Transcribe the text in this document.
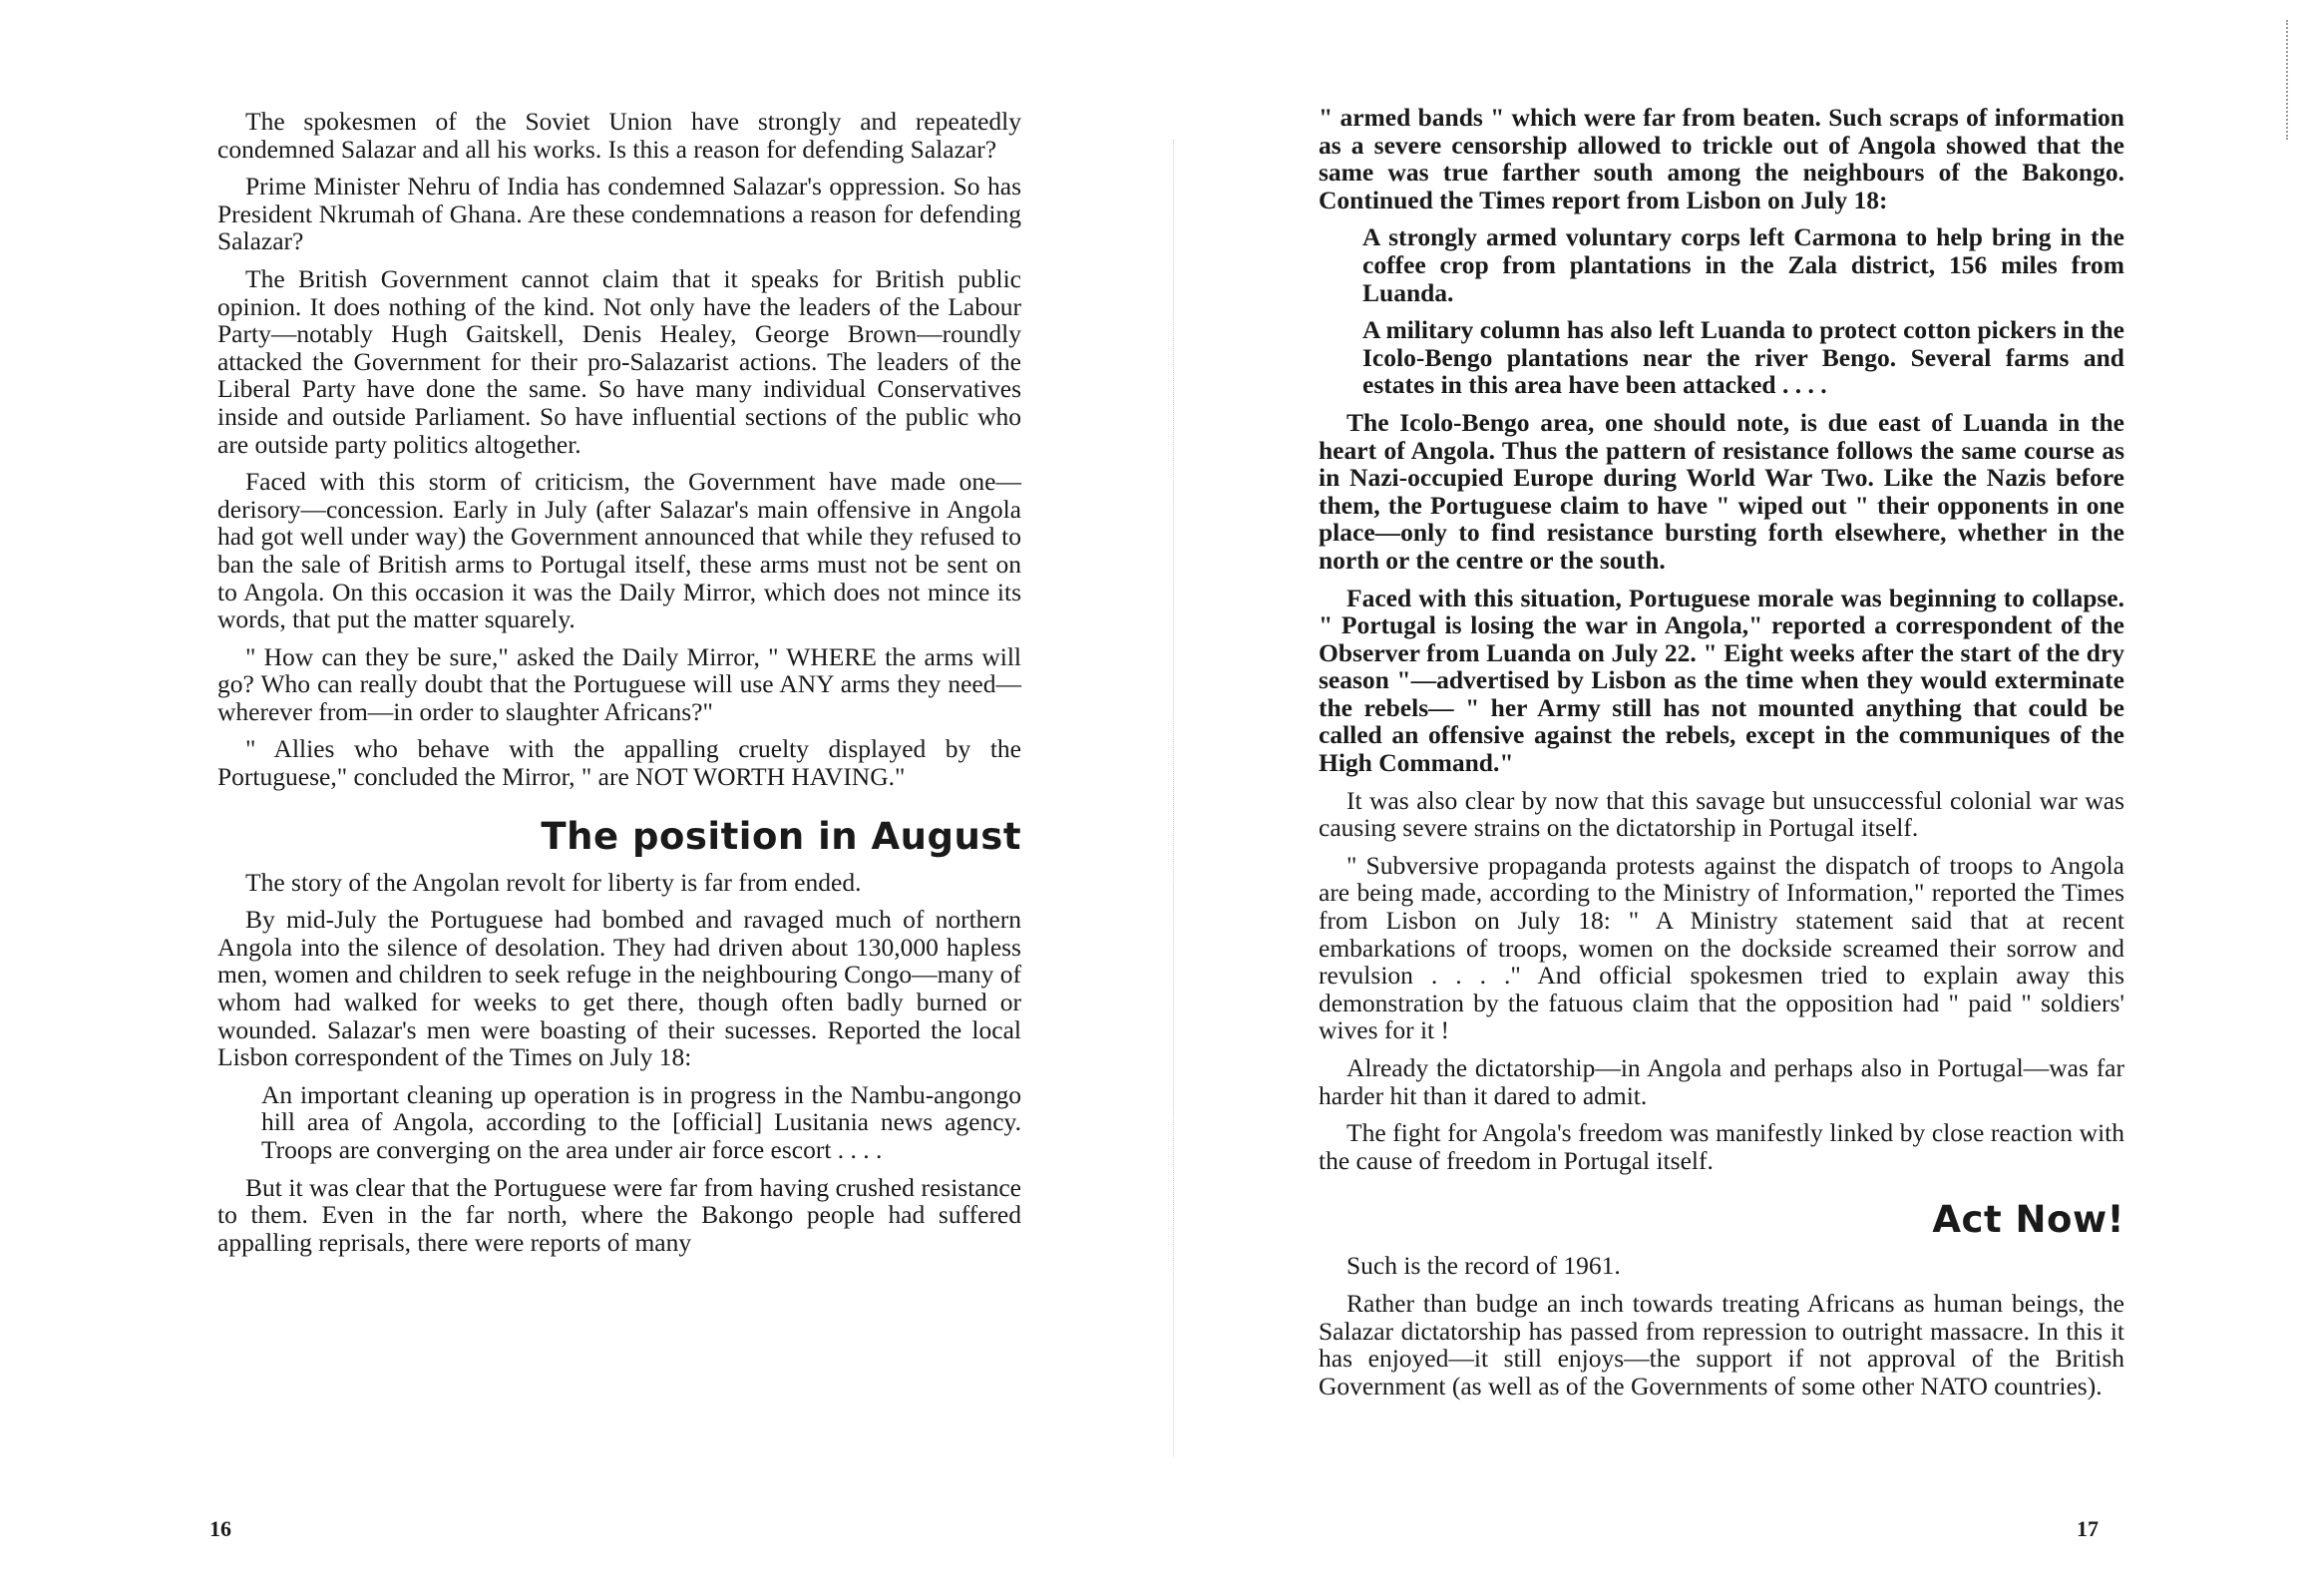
The spokesmen of the Soviet Union have strongly and repeatedly condemned Salazar and all his works. Is this a reason for defending Salazar?

Prime Minister Nehru of India has condemned Salazar's oppression. So has President Nkrumah of Ghana. Are these condemnations a reason for defending Salazar?

The British Government cannot claim that it speaks for British public opinion. It does nothing of the kind. Not only have the leaders of the Labour Party—notably Hugh Gaitskell, Denis Healey, George Brown—roundly attacked the Government for their pro-Salazarist actions. The leaders of the Liberal Party have done the same. So have many individual Conservatives inside and outside Parliament. So have influential sections of the public who are outside party politics altogether.

Faced with this storm of criticism, the Government have made one—derisory—concession. Early in July (after Salazar's main offensive in Angola had got well under way) the Government announced that while they refused to ban the sale of British arms to Portugal itself, these arms must not be sent on to Angola. On this occasion it was the Daily Mirror, which does not mince its words, that put the matter squarely.

" How can they be sure," asked the Daily Mirror, " WHERE the arms will go? Who can really doubt that the Portuguese will use ANY arms they need—wherever from—in order to slaughter Africans?"

" Allies who behave with the appalling cruelty displayed by the Portuguese," concluded the Mirror, " are NOT WORTH HAVING."

The position in August

The story of the Angolan revolt for liberty is far from ended.

By mid-July the Portuguese had bombed and ravaged much of northern Angola into the silence of desolation. They had driven about 130,000 hapless men, women and children to seek refuge in the neighbouring Congo—many of whom had walked for weeks to get there, though often badly burned or wounded. Salazar's men were boasting of their sucesses. Reported the local Lisbon correspondent of the Times on July 18:

An important cleaning up operation is in progress in the Nambu-angongo hill area of Angola, according to the [official] Lusitania news agency. Troops are converging on the area under air force escort . . . .

But it was clear that the Portuguese were far from having crushed resistance to them. Even in the far north, where the Bakongo people had suffered appalling reprisals, there were reports of many

16

" armed bands " which were far from beaten. Such scraps of information as a severe censorship allowed to trickle out of Angola showed that the same was true farther south among the neighbours of the Bakongo. Continued the Times report from Lisbon on July 18:

A strongly armed voluntary corps left Carmona to help bring in the coffee crop from plantations in the Zala district, 156 miles from Luanda.

A military column has also left Luanda to protect cotton pickers in the Icolo-Bengo plantations near the river Bengo. Several farms and estates in this area have been attacked . . . .

The Icolo-Bengo area, one should note, is due east of Luanda in the heart of Angola. Thus the pattern of resistance follows the same course as in Nazi-occupied Europe during World War Two. Like the Nazis before them, the Portuguese claim to have " wiped out " their opponents in one place—only to find resistance bursting forth elsewhere, whether in the north or the centre or the south.

Faced with this situation, Portuguese morale was beginning to collapse. " Portugal is losing the war in Angola," reported a correspondent of the Observer from Luanda on July 22. " Eight weeks after the start of the dry season "—advertised by Lisbon as the time when they would exterminate the rebels— " her Army still has not mounted anything that could be called an offensive against the rebels, except in the communiques of the High Command."

It was also clear by now that this savage but unsuccessful colonial war was causing severe strains on the dictatorship in Portugal itself.

" Subversive propaganda protests against the dispatch of troops to Angola are being made, according to the Ministry of Information," reported the Times from Lisbon on July 18: " A Ministry statement said that at recent embarkations of troops, women on the dockside screamed their sorrow and revulsion . . . ." And official spokesmen tried to explain away this demonstration by the fatuous claim that the opposition had " paid " soldiers' wives for it !

Already the dictatorship—in Angola and perhaps also in Portugal—was far harder hit than it dared to admit.

The fight for Angola's freedom was manifestly linked by close reaction with the cause of freedom in Portugal itself.

Act Now!

Such is the record of 1961.

Rather than budge an inch towards treating Africans as human beings, the Salazar dictatorship has passed from repression to outright massacre. In this it has enjoyed—it still enjoys—the support if not approval of the British Government (as well as of the Governments of some other NATO countries).

17
